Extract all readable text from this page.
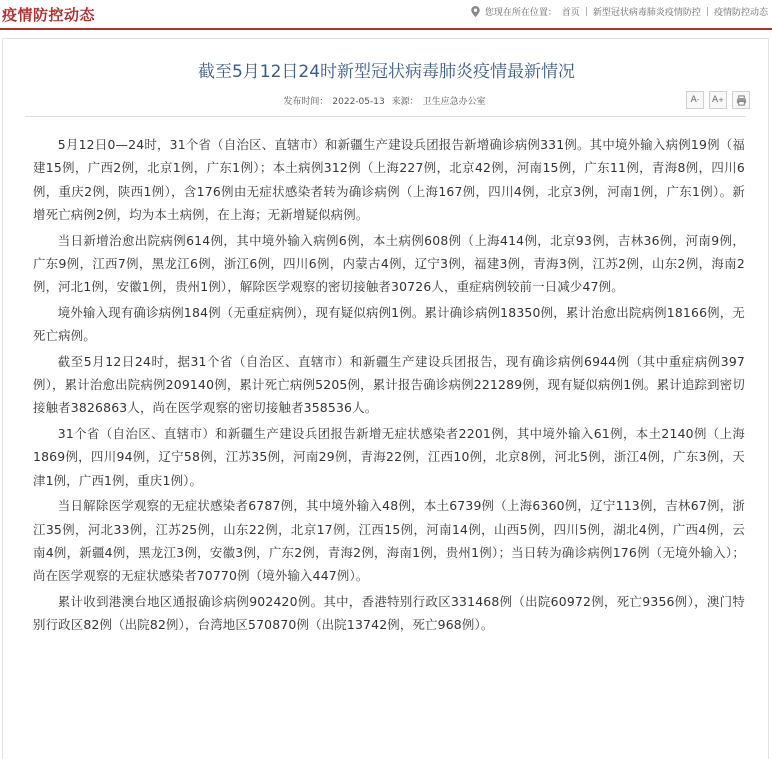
疫情防控动态	您现在所在位置： 首页 | 新型冠状病毒肺炎疫情防控 | 疫情防控动态
截至5月12日24时新型冠状病毒肺炎疫情最新情况
发布时间： 2022-05-13 来源： 卫生应急办公室	A - A +

5月12日0—24时，31个省（自治区、直辖市）和新疆生产建设兵团报告新增确诊病例331例。其中境外输入病例19例（福建15例，广西2例，北京1例，广东1例）；本土病例312例（上海227例，北京42例，河南15例，广东11例，青海8例，四川6例，重庆2例，陕西1例），含176例由无症状感染者转为确诊病例（上海167例，四川4例，北京3例，河南1例，广东1例）。新增死亡病例2例，均为本土病例，在上海；无新增疑似病例。

当日新增治愈出院病例614例，其中境外输入病例6例，本土病例608例（上海414例，北京93例，吉林36例，河南9例，广东9例，江西7例，黑龙江6例，浙江6例，四川6例，内蒙古4例，辽宁3例，福建3例，青海3例，江苏2例，山东2例，海南2例，河北1例，安徽1例，贵州1例），解除医学观察的密切接触者30726人，重症病例较前一日减少47例。

境外输入现有确诊病例184例（无重症病例），现有疑似病例1例。累计确诊病例18350例，累计治愈出院病例18166例，无死亡病例。

截至5月12日24时，据31个省（自治区、直辖市）和新疆生产建设兵团报告，现有确诊病例6944例（其中重症病例397例），累计治愈出院病例209140例，累计死亡病例5205例，累计报告确诊病例221289例，现有疑似病例1例。累计追踪到密切接触者3826863人，尚在医学观察的密切接触者358536人。

31个省（自治区、直辖市）和新疆生产建设兵团报告新增无症状感染者2201例，其中境外输入61例，本土2140例（上海1869例，四川94例，辽宁58例，江苏35例，河南29例，青海22例，江西10例，北京8例，河北5例，浙江4例，广东3例，天津1例，广西1例，重庆1例）。

当日解除医学观察的无症状感染者6787例，其中境外输入48例，本土6739例（上海6360例，辽宁113例，吉林67例，浙江35例，河北33例，江苏25例，山东22例，北京17例，江西15例，河南14例，山西5例，四川5例，湖北4例，广西4例，云南4例，新疆4例，黑龙江3例，安徽3例，广东2例，青海2例，海南1例，贵州1例）；当日转为确诊病例176例（无境外输入）；尚在医学观察的无症状感染者70770例（境外输入447例）。

累计收到港澳台地区通报确诊病例902420例。其中，香港特别行政区331468例（出院60972例，死亡9356例），澳门特别行政区82例（出院82例），台湾地区570870例（出院13742例，死亡968例）。
